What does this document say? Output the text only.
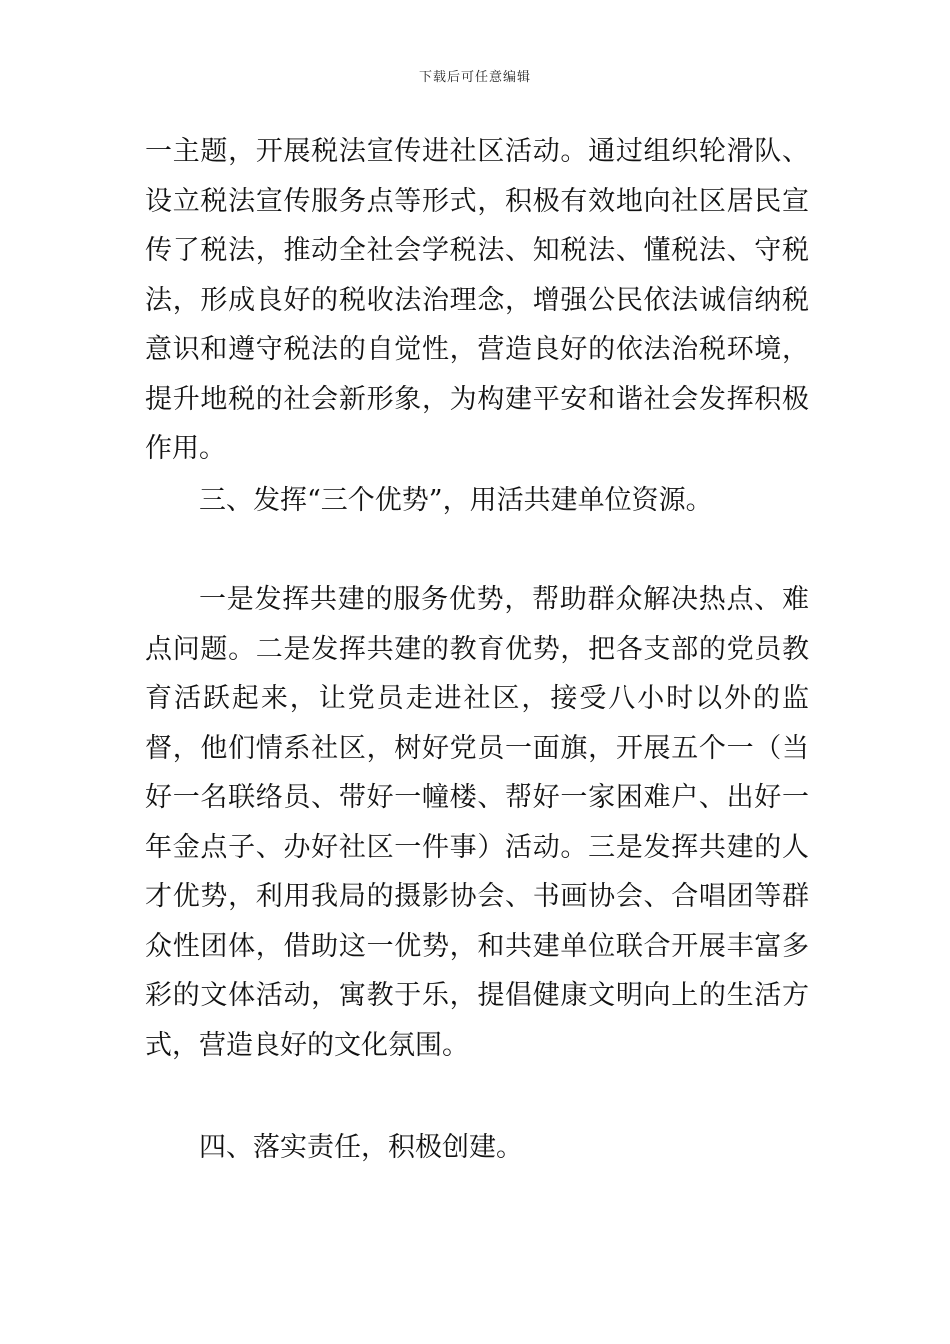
下载后可任意编辑

一主题，开展税法宣传进社区活动。通过组织轮滑队、设立税法宣传服务点等形式，积极有效地向社区居民宣传了税法，推动全社会学税法、知税法、懂税法、守税法，形成良好的税收法治理念，增强公民依法诚信纳税意识和遵守税法的自觉性，营造良好的依法治税环境，提升地税的社会新形象，为构建平安和谐社会发挥积极作用。

三、发挥“三个优势”，用活共建单位资源。

一是发挥共建的服务优势，帮助群众解决热点、难点问题。二是发挥共建的教育优势，把各支部的党员教育活跃起来，让党员走进社区，接受八小时以外的监督，他们情系社区，树好党员一面旗，开展五个一（当好一名联络员、带好一幢楼、帮好一家困难户、出好一年金点子、办好社区一件事）活动。三是发挥共建的人才优势，利用我局的摄影协会、书画协会、合唱团等群众性团体，借助这一优势，和共建单位联合开展丰富多彩的文体活动，寓教于乐，提倡健康文明向上的生活方式，营造良好的文化氛围。

四、落实责任，积极创建。
